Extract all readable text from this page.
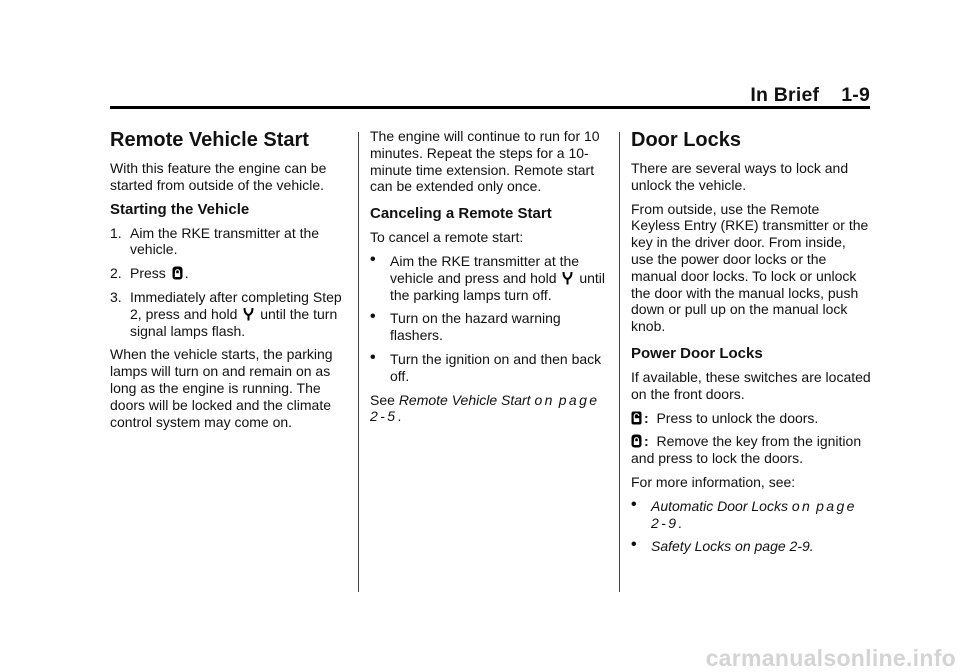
In Brief 1-9
Remote Vehicle Start

With this feature the engine can be started from outside of the vehicle.

Starting the Vehicle
1. Aim the RKE transmitter at the vehicle.
2. Press .
3. Immediately after completing Step 2, press and hold until the turn signal lamps flash.

When the vehicle starts, the parking lamps will turn on and remain on as long as the engine is running. The doors will be locked and the climate control system may come on.

The engine will continue to run for 10 minutes. Repeat the steps for a 10-minute time extension. Remote start can be extended only once.

Canceling a Remote Start

To cancel a remote start:

•	Aim the RKE transmitter at the vehicle and press and hold until the parking lamps turn off.
•	Turn on the hazard warning flashers.
•	Turn the ignition on and then back off.

See Remote Vehicle Start on page 2-5.

Door Locks

There are several ways to lock and unlock the vehicle.

From outside, use the Remote Keyless Entry (RKE) transmitter or the key in the driver door. From inside, use the power door locks or the manual door locks. To lock or unlock the door with the manual locks, push down or pull up on the manual lock knob.

Power Door Locks

If available, these switches are located on the front doors.

: Press to unlock the doors.

: Remove the key from the ignition and press to lock the doors.

For more information, see:

•	Automatic Door Locks on page 2-9.
•	Safety Locks on page 2-9.
carmanualsonline.info
